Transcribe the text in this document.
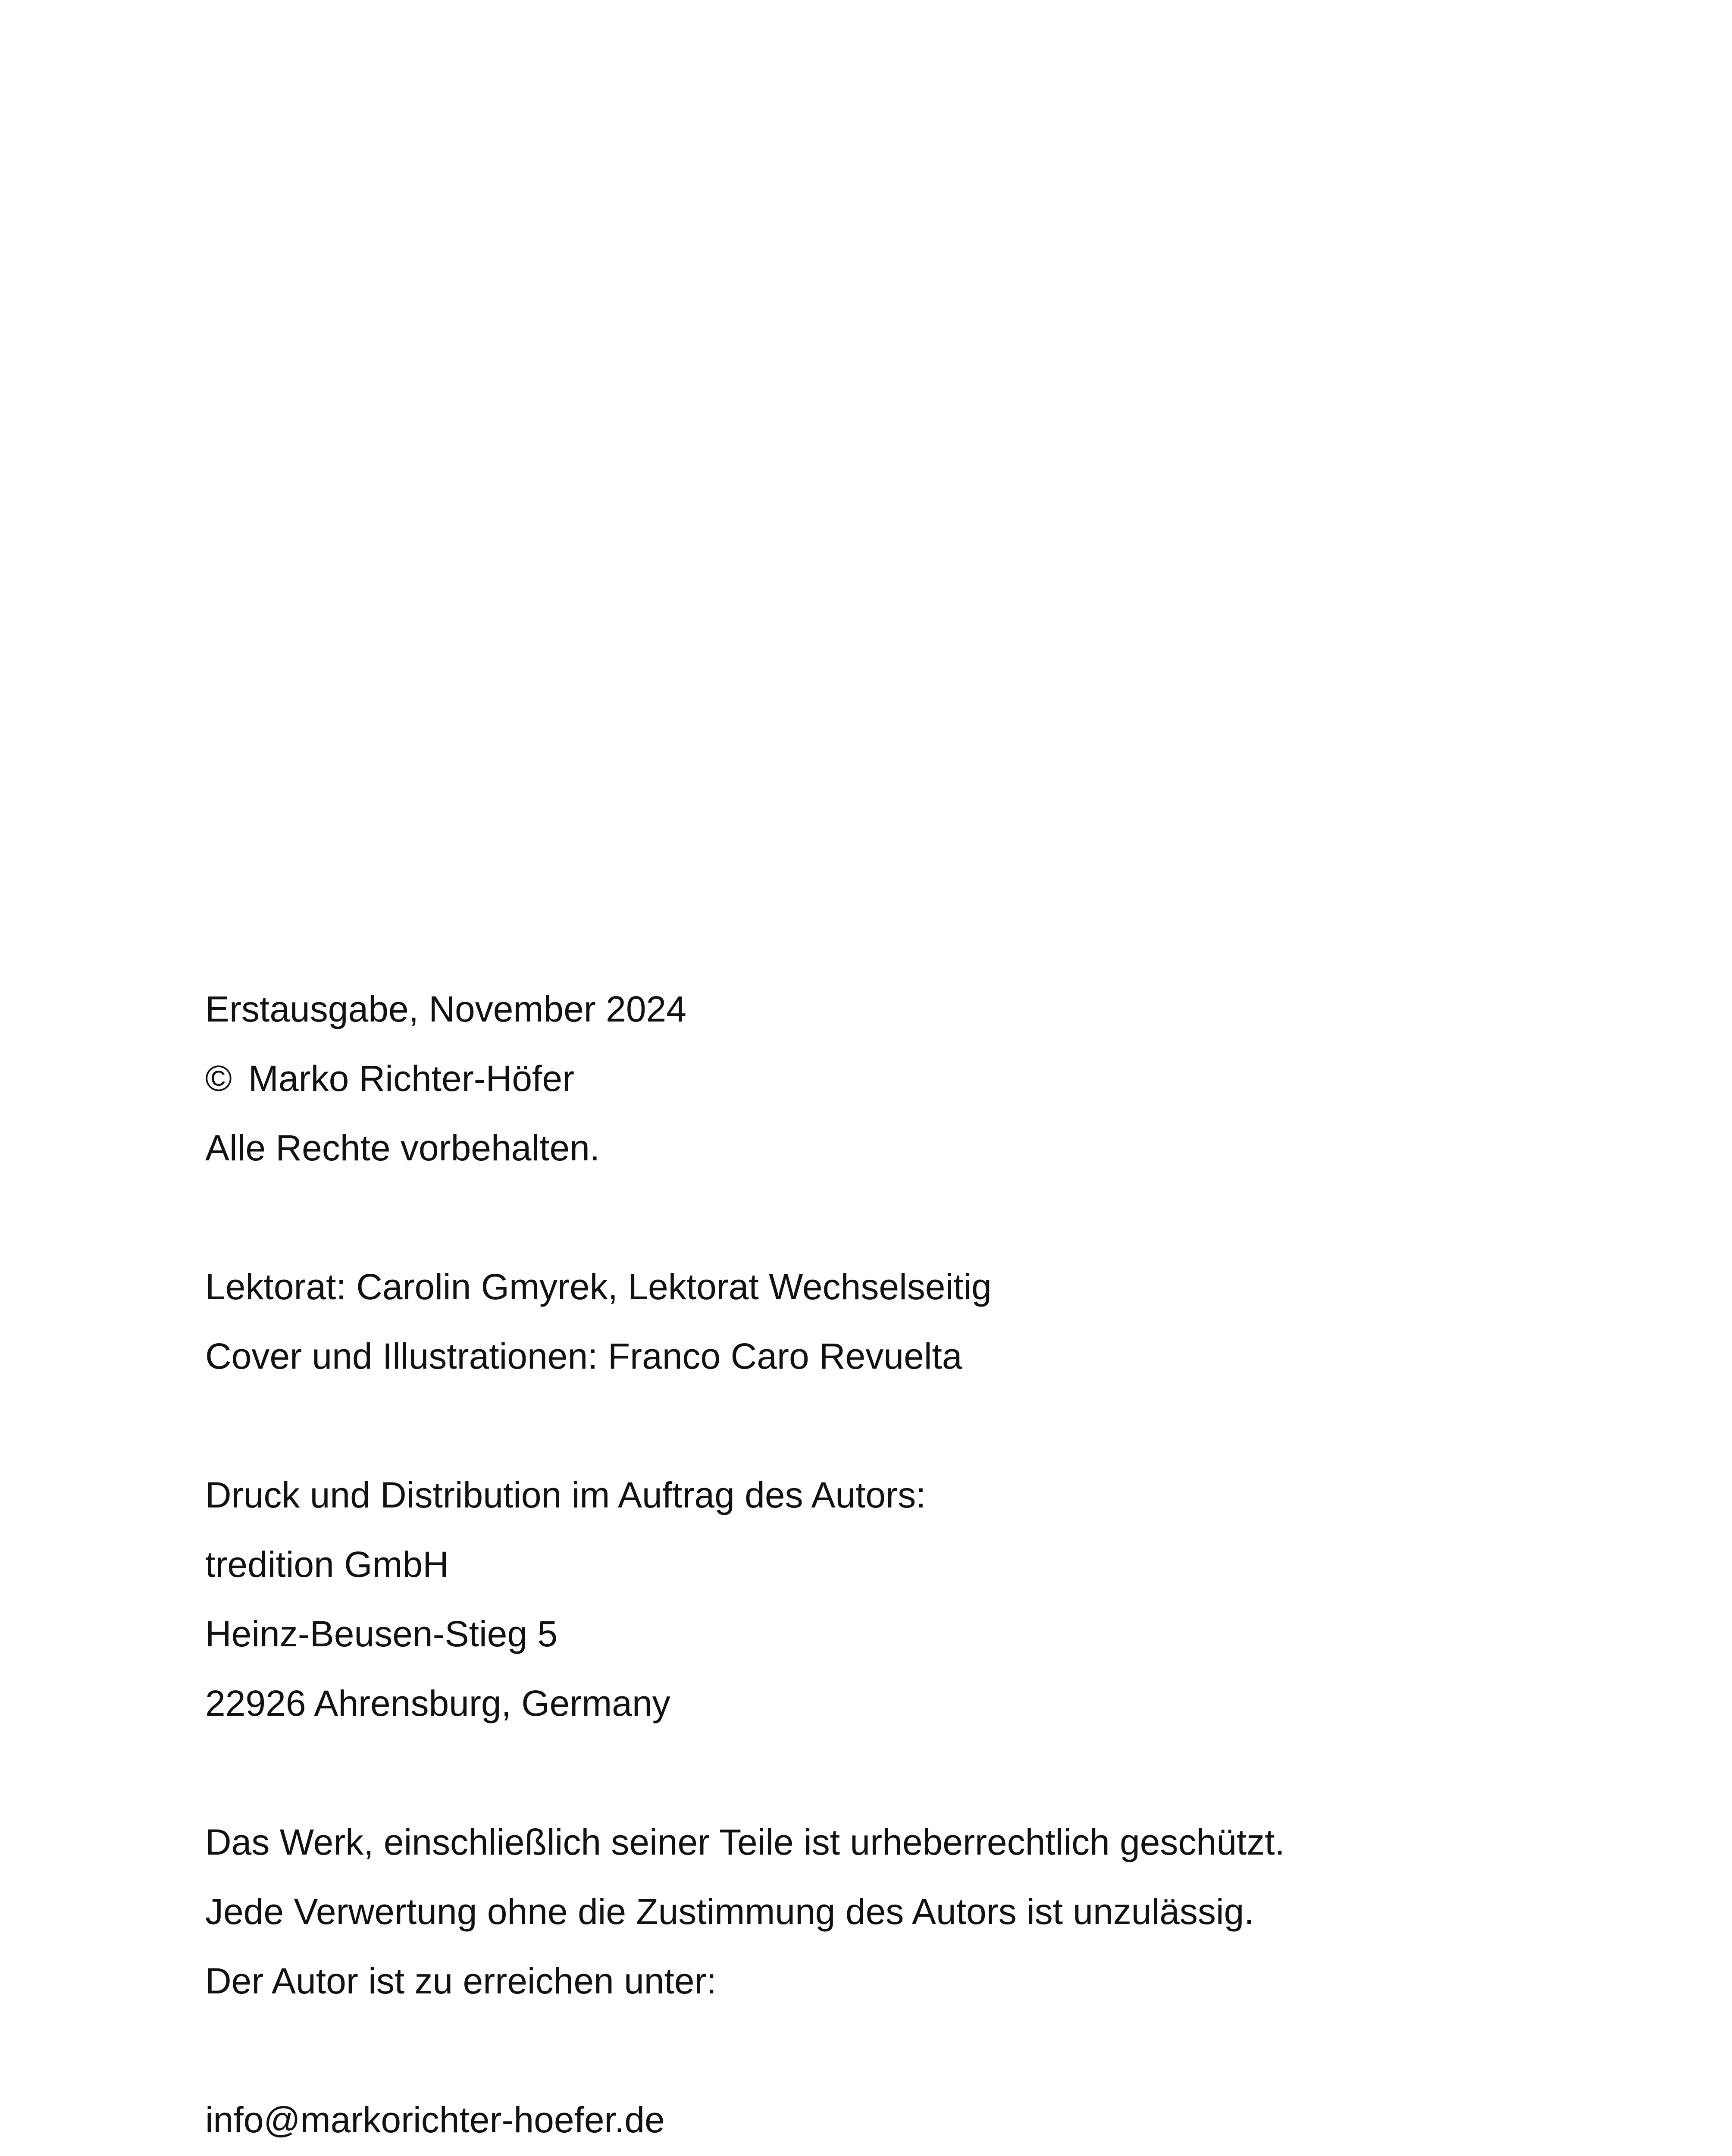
Erstausgabe, November 2024
© Marko Richter-Höfer
Alle Rechte vorbehalten.
Lektorat: Carolin Gmyrek, Lektorat Wechselseitig
Cover und Illustrationen: Franco Caro Revuelta
Druck und Distribution im Auftrag des Autors:
tredition GmbH
Heinz-Beusen-Stieg 5
22926 Ahrensburg, Germany
Das Werk, einschließlich seiner Teile ist urheberrechtlich geschützt.
Jede Verwertung ohne die Zustimmung des Autors ist unzulässig.
Der Autor ist zu erreichen unter:
info@markorichter-hoefer.de
